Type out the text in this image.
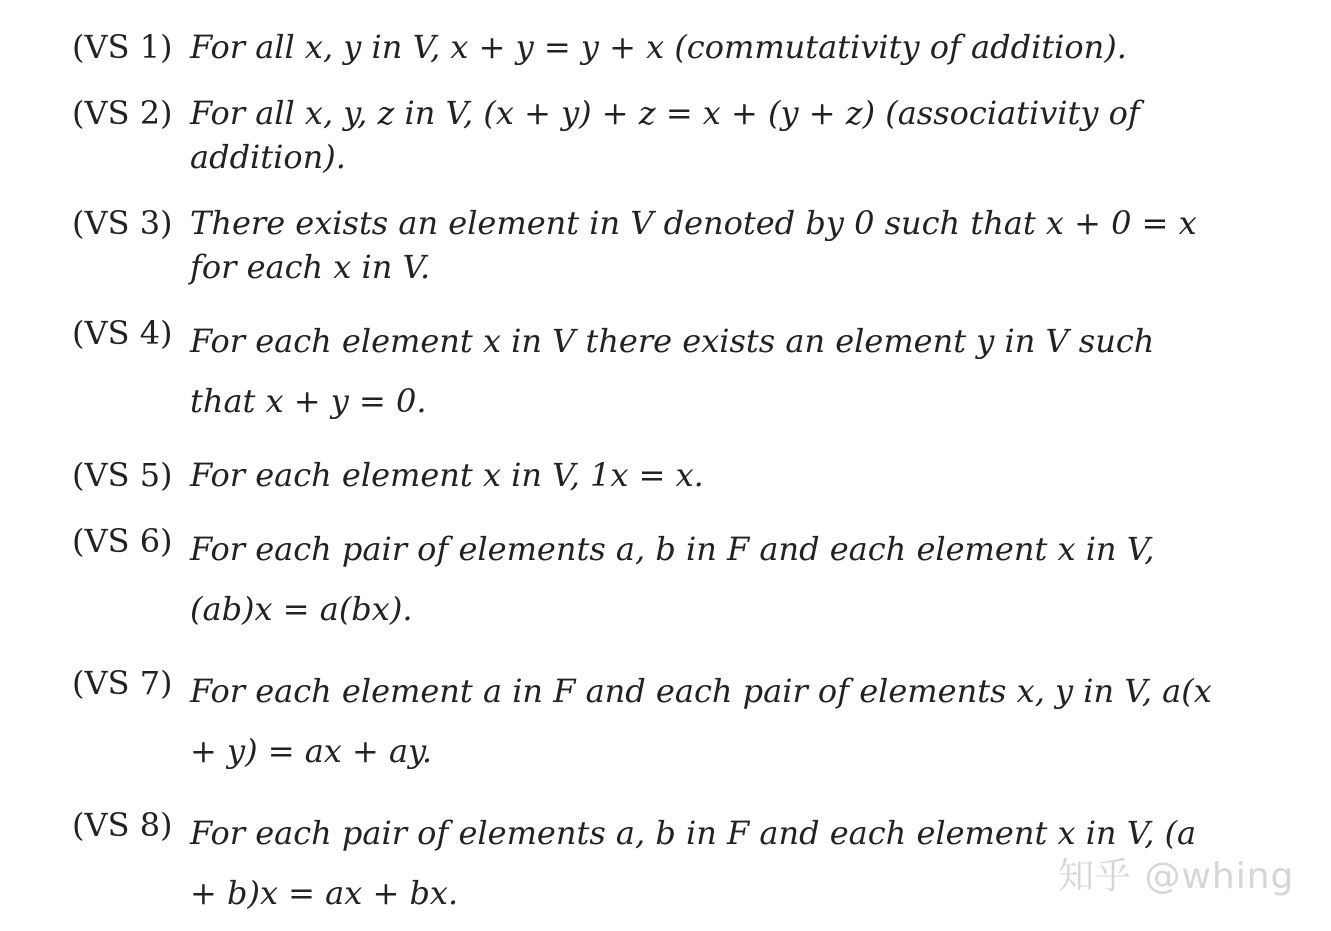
(VS 1) For all x, y in V, x + y = y + x (commutativity of addition).
(VS 2) For all x, y, z in V, (x + y) + z = x + (y + z) (associativity of addition).
(VS 3) There exists an element in V denoted by 0 such that x + 0 = x for each x in V.
(VS 4) For each element x in V there exists an element y in V such that x + y = 0.
(VS 5) For each element x in V, 1x = x.
(VS 6) For each pair of elements a, b in F and each element x in V, (ab)x = a(bx).
(VS 7) For each element a in F and each pair of elements x, y in V, a(x + y) = ax + ay.
(VS 8) For each pair of elements a, b in F and each element x in V, (a + b)x = ax + bx.	知乎 @whing
